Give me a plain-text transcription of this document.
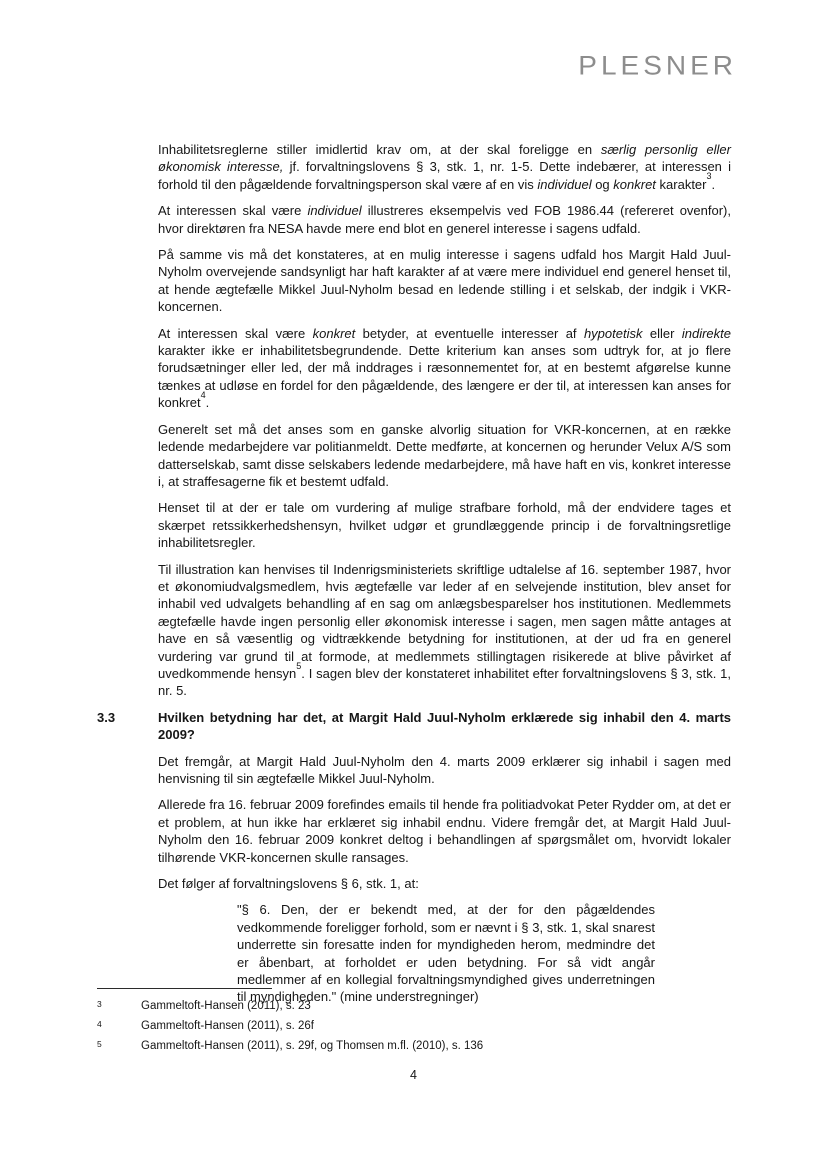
PLESNER

Inhabilitetsreglerne stiller imidlertid krav om, at der skal foreligge en særlig personlig eller økonomisk interesse, jf. forvaltningslovens § 3, stk. 1, nr. 1-5. Dette indebærer, at interessen i forhold til den pågældende forvaltningsperson skal være af en vis individuel og konkret karakter$^3$.

At interessen skal være individuel illustreres eksempelvis ved FOB 1986.44 (refereret ovenfor), hvor direktøren fra NESA havde mere end blot en generel interesse i sagens udfald.

På samme vis må det konstateres, at en mulig interesse i sagens udfald hos Margit Hald Juul-Nyholm overvejende sandsynligt har haft karakter af at være mere individuel end generel henset til, at hende ægtefælle Mikkel Juul-Nyholm besad en ledende stilling i et selskab, der indgik i VKR-koncernen.

At interessen skal være konkret betyder, at eventuelle interesser af hypotetisk eller indirekte karakter ikke er inhabilitetsbegrundende. Dette kriterium kan anses som udtryk for, at jo flere forudsætninger eller led, der må inddrages i ræsonnementet for, at en bestemt afgørelse kunne tænkes at udløse en fordel for den pågældende, des længere er der til, at interessen kan anses for konkret$^4$.

Generelt set må det anses som en ganske alvorlig situation for VKR-koncernen, at en række ledende medarbejdere var politianmeldt. Dette medførte, at koncernen og herunder Velux A/S som datterselskab, samt disse selskabers ledende medarbejdere, må have haft en vis, konkret interesse i, at straffesagerne fik et bestemt udfald.

Henset til at der er tale om vurdering af mulige strafbare forhold, må der endvidere tages et skærpet retssikkerhedshensyn, hvilket udgør et grundlæggende princip i de forvaltningsretlige inhabilitetsregler.

Til illustration kan henvises til Indenrigsministeriets skriftlige udtalelse af 16. september 1987, hvor et økonomiudvalgsmedlem, hvis ægtefælle var leder af en selvejende institution, blev anset for inhabil ved udvalgets behandling af en sag om anlægsbesparelser hos institutionen. Medlemmets ægtefælle havde ingen personlig eller økonomisk interesse i sagen, men sagen måtte antages at have en så væsentlig og vidtrækkende betydning for institutionen, at der ud fra en generel vurdering var grund til at formode, at medlemmets stillingtagen risikerede at blive påvirket af uvedkommende hensyn$^5$. I sagen blev der konstateret inhabilitet efter forvaltningslovens § 3, stk. 1, nr. 5.

3.3	Hvilken betydning har det, at Margit Hald Juul-Nyholm erklærede sig inhabil den 4. marts 2009?

Det fremgår, at Margit Hald Juul-Nyholm den 4. marts 2009 erklærer sig inhabil i sagen med henvisning til sin ægtefælle Mikkel Juul-Nyholm.

Allerede fra 16. februar 2009 forefindes emails til hende fra politiadvokat Peter Rydder om, at det er et problem, at hun ikke har erklæret sig inhabil endnu. Videre fremgår det, at Margit Hald Juul-Nyholm den 16. februar 2009 konkret deltog i behandlingen af spørgsmålet om, hvorvidt lokaler tilhørende VKR-koncernen skulle ransages.

Det følger af forvaltningslovens § 6, stk. 1, at:

"§ 6. Den, der er bekendt med, at der for den pågældendes vedkommende foreligger forhold, som er nævnt i § 3, stk. 1, skal snarest underrette sin foresatte inden for myndigheden herom, medmindre det er åbenbart, at forholdet er uden betydning. For så vidt angår medlemmer af en kollegial forvaltningsmyndighed gives underretningen til myndigheden." (mine understregninger)

3	Gammeltoft-Hansen (2011), s. 23
4	Gammeltoft-Hansen (2011), s. 26f
5	Gammeltoft-Hansen (2011), s. 29f, og Thomsen m.fl. (2010), s. 136
4
